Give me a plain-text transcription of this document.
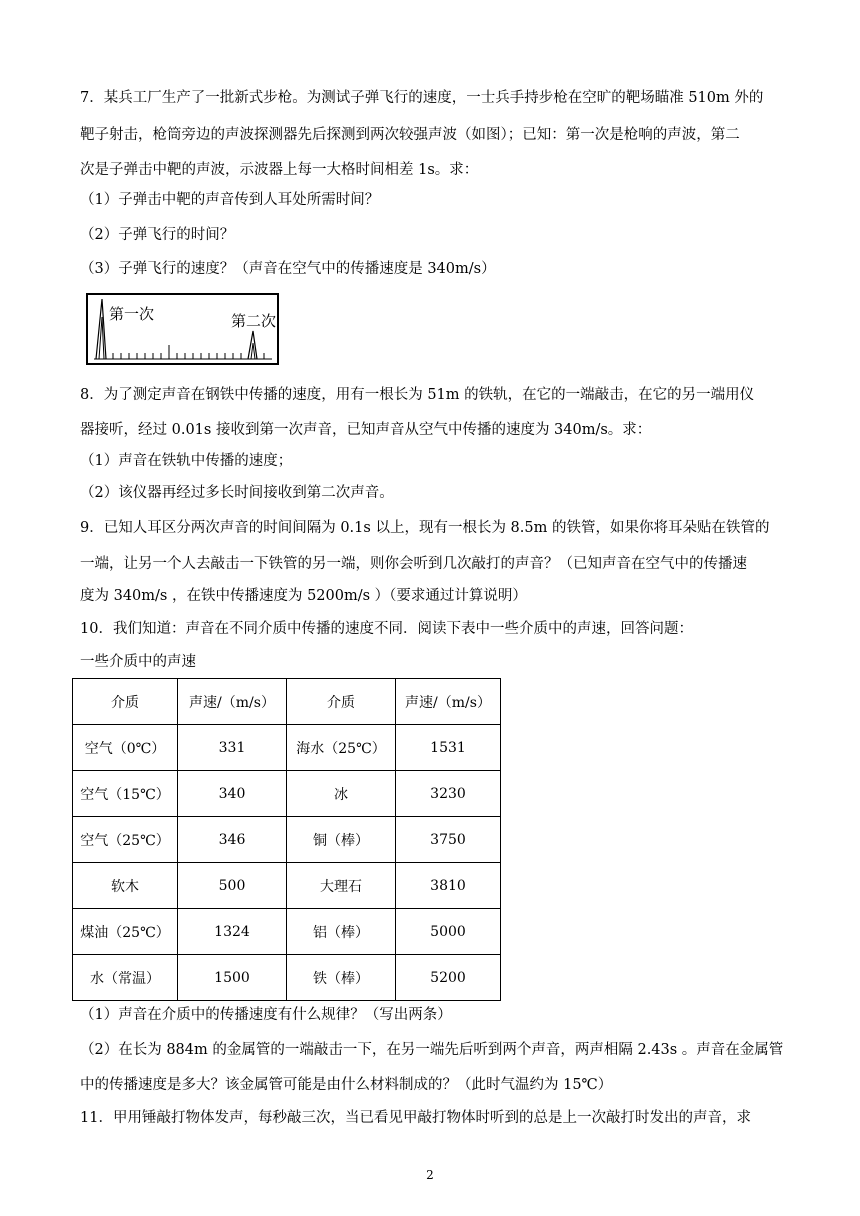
7．某兵工厂生产了一批新式步枪。为测试子弹飞行的速度，一士兵手持步枪在空旷的靶场瞄准 510m 外的
靶子射击，枪筒旁边的声波探测器先后探测到两次较强声波（如图）；已知：第一次是枪响的声波，第二
次是子弹击中靶的声波，示波器上每一大格时间相差 1s。求：
（1）子弹击中靶的声音传到人耳处所需时间？
（2）子弹飞行的时间？
（3）子弹飞行的速度？（声音在空气中的传播速度是 340m/s）
第一次	第二次
8．为了测定声音在钢铁中传播的速度，用有一根长为 51m 的铁轨，在它的一端敲击，在它的另一端用仪
器接听，经过 0.01s 接收到第一次声音，已知声音从空气中传播的速度为 340m/s。求：
（1）声音在铁轨中传播的速度；
（2）该仪器再经过多长时间接收到第二次声音。
9．已知人耳区分两次声音的时间间隔为 0.1s 以上，现有一根长为 8.5m 的铁管，如果你将耳朵贴在铁管的
一端，让另一个人去敲击一下铁管的另一端，则你会听到几次敲打的声音？（已知声音在空气中的传播速
度为 340m/s ，在铁中传播速度为 5200m/s ）（要求通过计算说明）
10．我们知道：声音在不同介质中传播的速度不同．阅读下表中一些介质中的声速，回答问题：
一些介质中的声速
介质	声速/（m/s）	介质	声速/（m/s）
空气（0℃）	331	海水（25℃）	1531
空气（15℃）	340	冰	3230
空气（25℃）	346	铜（棒）	3750
软木	500	大理石	3810
煤油（25℃）	1324	铝（棒）	5000
水（常温）	1500	铁（棒）	5200
（1）声音在介质中的传播速度有什么规律？（写出两条）
（2）在长为 884m 的金属管的一端敲击一下，在另一端先后听到两个声音，两声相隔 2.43s 。声音在金属管
中的传播速度是多大？该金属管可能是由什么材料制成的？（此时气温约为 15℃）
11．甲用锤敲打物体发声，每秒敲三次，当已看见甲敲打物体时听到的总是上一次敲打时发出的声音，求
2
